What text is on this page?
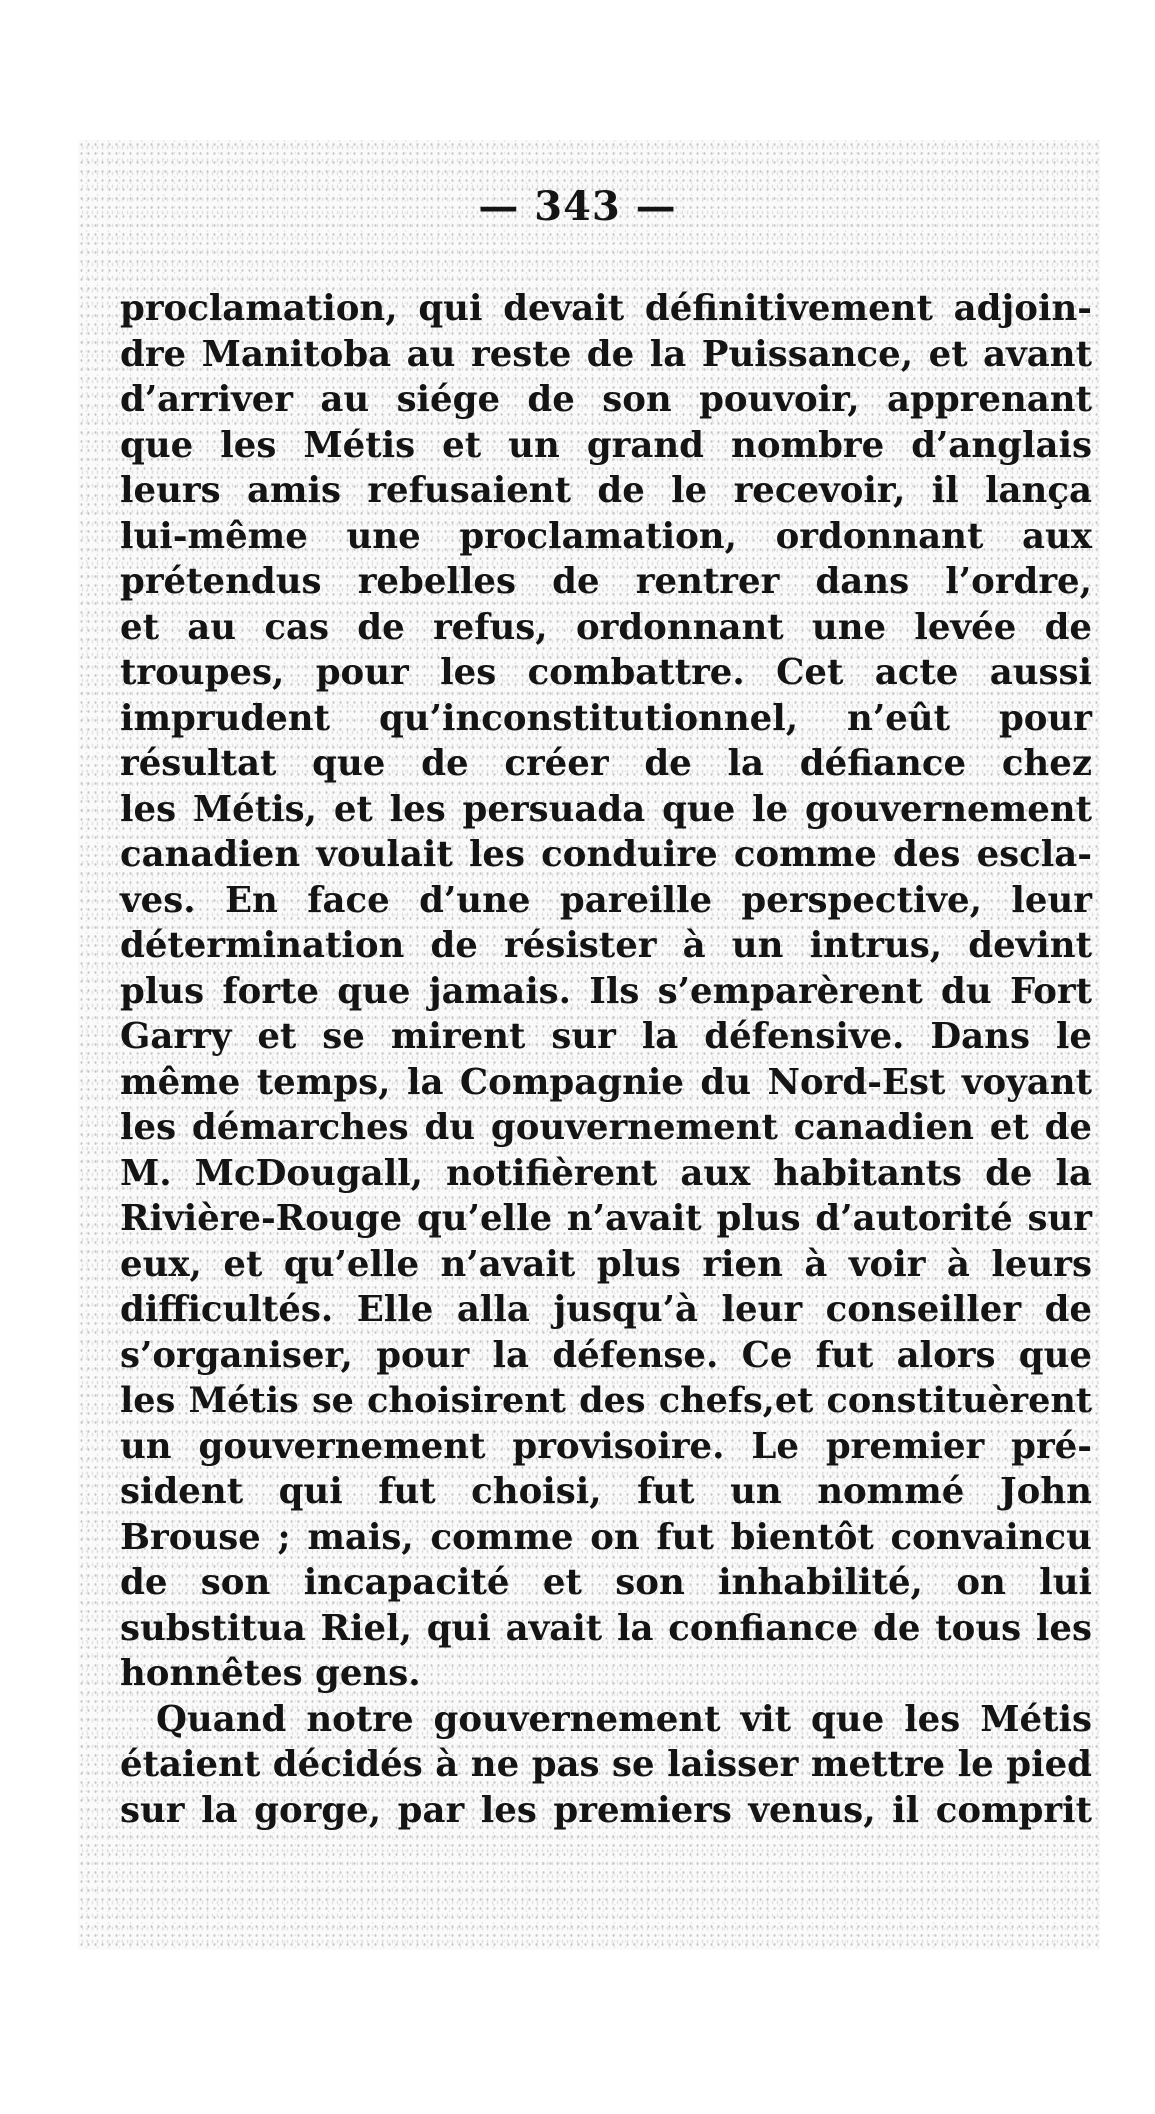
— 343 —
proclamation, qui devait définitivement adjoin-
dre Manitoba au reste de la Puissance, et avant
d’arriver au siége de son pouvoir, apprenant
que les Métis et un grand nombre d’anglais
leurs amis refusaient de le recevoir, il lança
lui-même une proclamation, ordonnant aux
prétendus rebelles de rentrer dans l’ordre,
et au cas de refus, ordonnant une levée de
troupes, pour les combattre. Cet acte aussi
imprudent qu’inconstitutionnel, n’eût pour
résultat que de créer de la défiance chez
les Métis, et les persuada que le gouvernement
canadien voulait les conduire comme des escla-
ves. En face d’une pareille perspective, leur
détermination de résister à un intrus, devint
plus forte que jamais. Ils s’emparèrent du Fort
Garry et se mirent sur la défensive. Dans le
même temps, la Compagnie du Nord-Est voyant
les démarches du gouvernement canadien et de
M. McDougall, notifièrent aux habitants de la
Rivière-Rouge qu’elle n’avait plus d’autorité sur
eux, et qu’elle n’avait plus rien à voir à leurs
difficultés. Elle alla jusqu’à leur conseiller de
s’organiser, pour la défense. Ce fut alors que
les Métis se choisirent des chefs,et constituèrent
un gouvernement provisoire. Le premier pré-
sident qui fut choisi, fut un nommé John
Brouse ; mais, comme on fut bientôt convaincu
de son incapacité et son inhabilité, on lui
substitua Riel, qui avait la confiance de tous les
honnêtes gens.
Quand notre gouvernement vit que les Métis
étaient décidés à ne pas se laisser mettre le pied
sur la gorge, par les premiers venus, il comprit
